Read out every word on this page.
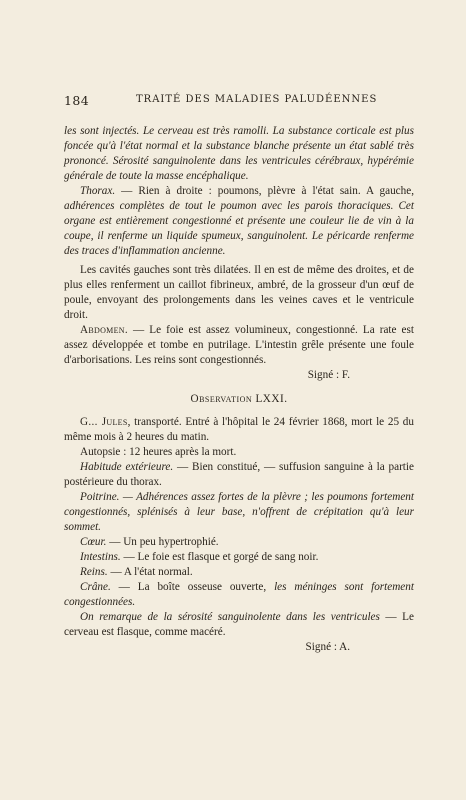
184	TRAITÉ DES MALADIES PALUDÉENNES

les sont injectés. Le cerveau est très ramolli. La substance corticale est plus foncée qu'à l'état normal et la substance blanche présente un état sablé très prononcé. Sérosité sanguinolente dans les ventricules cérébraux, hypérémie générale de toute la masse encéphalique.

Thorax. — Rien à droite : poumons, plèvre à l'état sain. A gauche, adhérences complètes de tout le poumon avec les parois thoraciques. Cet organe est entièrement congestionné et présente une couleur lie de vin à la coupe, il renferme un liquide spumeux, sanguinolent. Le péricarde renferme des traces d'inflammation ancienne.

Les cavités gauches sont très dilatées. Il en est de même des droites, et de plus elles renferment un caillot fibrineux, ambré, de la grosseur d'un œuf de poule, envoyant des prolongements dans les veines caves et le ventricule droit.

Abdomen. — Le foie est assez volumineux, congestionné. La rate est assez développée et tombe en putrilage. L'intestin grêle présente une foule d'arborisations. Les reins sont congestionnés.

Signé : F.

Observation LXXI.

G... Jules, transporté. Entré à l'hôpital le 24 février 1868, mort le 25 du même mois à 2 heures du matin.

Autopsie : 12 heures après la mort.

Habitude extérieure. — Bien constitué, — suffusion sanguine à la partie postérieure du thorax.

Poitrine. — Adhérences assez fortes de la plèvre ; les poumons fortement congestionnés, splénisés à leur base, n'offrent de crépitation qu'à leur sommet.

Cœur. — Un peu hypertrophié.

Intestins. — Le foie est flasque et gorgé de sang noir.

Reins. — A l'état normal.

Crâne. — La boîte osseuse ouverte, les méninges sont fortement congestionnées.

On remarque de la sérosité sanguinolente dans les ventricules — Le cerveau est flasque, comme macéré.

Signé : A.
